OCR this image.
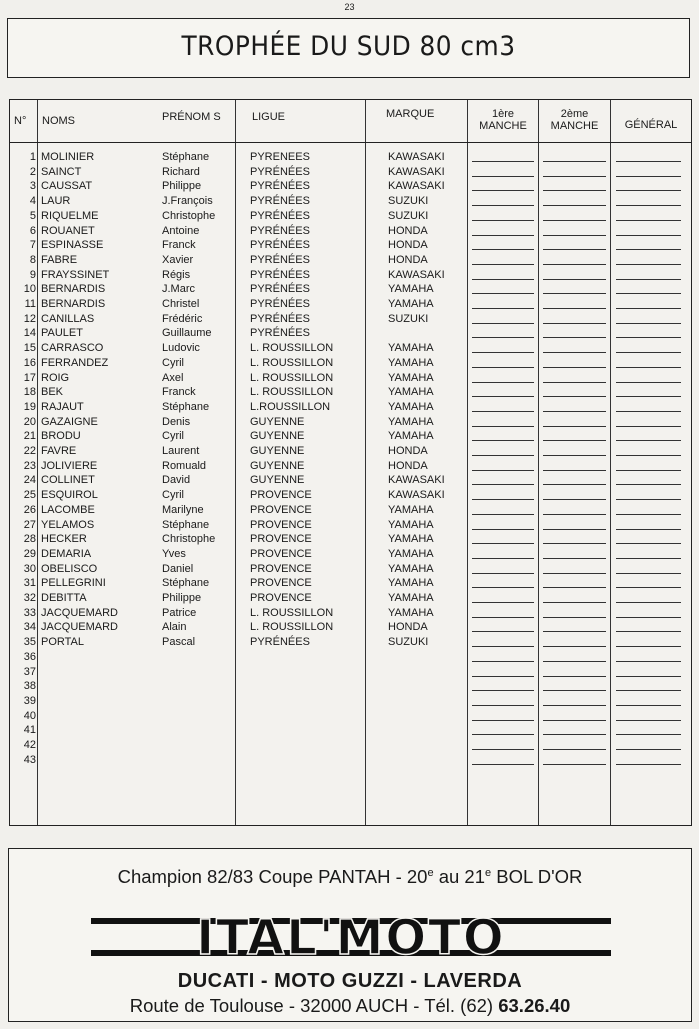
23
TROPHÉE DU SUD 80 cm3
N° NOMS	PRÉNOM S	LIGUE	MARQUE	1ère
MANCHE
2ème
MANCHE	GÉNÉRAL
1 MOLINIER	Stéphane	PYRENEES	KAWASAKI
2 SAINCT	Richard	PYRÉNÉES	KAWASAKI
3 CAUSSAT	Philippe	PYRÉNÉES	KAWASAKI
4 LAUR	J.François	PYRÉNÉES	SUZUKI
5 RIQUELME	Christophe	PYRÉNÉES	SUZUKI
6 ROUANET	Antoine	PYRÉNÉES	HONDA
7 ESPINASSE	Franck	PYRÉNÉES	HONDA
8 FABRE	Xavier	PYRÉNÉES	HONDA
9 FRAYSSINET	Régis	PYRÉNÉES	KAWASAKI
10 BERNARDIS	J.Marc	PYRÉNÉES	YAMAHA
11 BERNARDIS	Christel	PYRÉNÉES	YAMAHA
12 CANILLAS	Frédéric	PYRÉNÉES	SUZUKI
14 PAULET	Guillaume	PYRÉNÉES
15 CARRASCO	Ludovic	L. ROUSSILLON	YAMAHA
16 FERRANDEZ	Cyril	L. ROUSSILLON	YAMAHA
17 ROIG	Axel	L. ROUSSILLON	YAMAHA
18 BEK	Franck	L. ROUSSILLON	YAMAHA
19 RAJAUT	Stéphane	L.ROUSSILLON	YAMAHA
20 GAZAIGNE	Denis	GUYENNE	YAMAHA
21 BRODU	Cyril	GUYENNE	YAMAHA
22 FAVRE	Laurent	GUYENNE	HONDA
23 JOLIVIERE	Romuald	GUYENNE	HONDA
24 COLLINET	David	GUYENNE	KAWASAKI
25 ESQUIROL	Cyril	PROVENCE	KAWASAKI
26 LACOMBE	Marilyne	PROVENCE	YAMAHA
27 YELAMOS	Stéphane	PROVENCE	YAMAHA
28 HECKER	Christophe	PROVENCE	YAMAHA
29 DEMARIA	Yves	PROVENCE	YAMAHA
30 OBELISCO	Daniel	PROVENCE	YAMAHA
31 PELLEGRINI	Stéphane	PROVENCE	YAMAHA
32 DEBITTA	Philippe	PROVENCE	YAMAHA
33 JACQUEMARD	Patrice	L. ROUSSILLON	YAMAHA
34 JACQUEMARD	Alain	L. ROUSSILLON	HONDA
35 PORTAL	Pascal	PYRÉNÉES	SUZUKI
36
37
38
39
40
41
42
43
Champion 82/83 Coupe PANTAH - 20e au 21e BOL D'OR
ITAL'MOTO
DUCATI - MOTO GUZZI - LAVERDA
Route de Toulouse - 32000 AUCH - Tél. (62) 63.26.40
